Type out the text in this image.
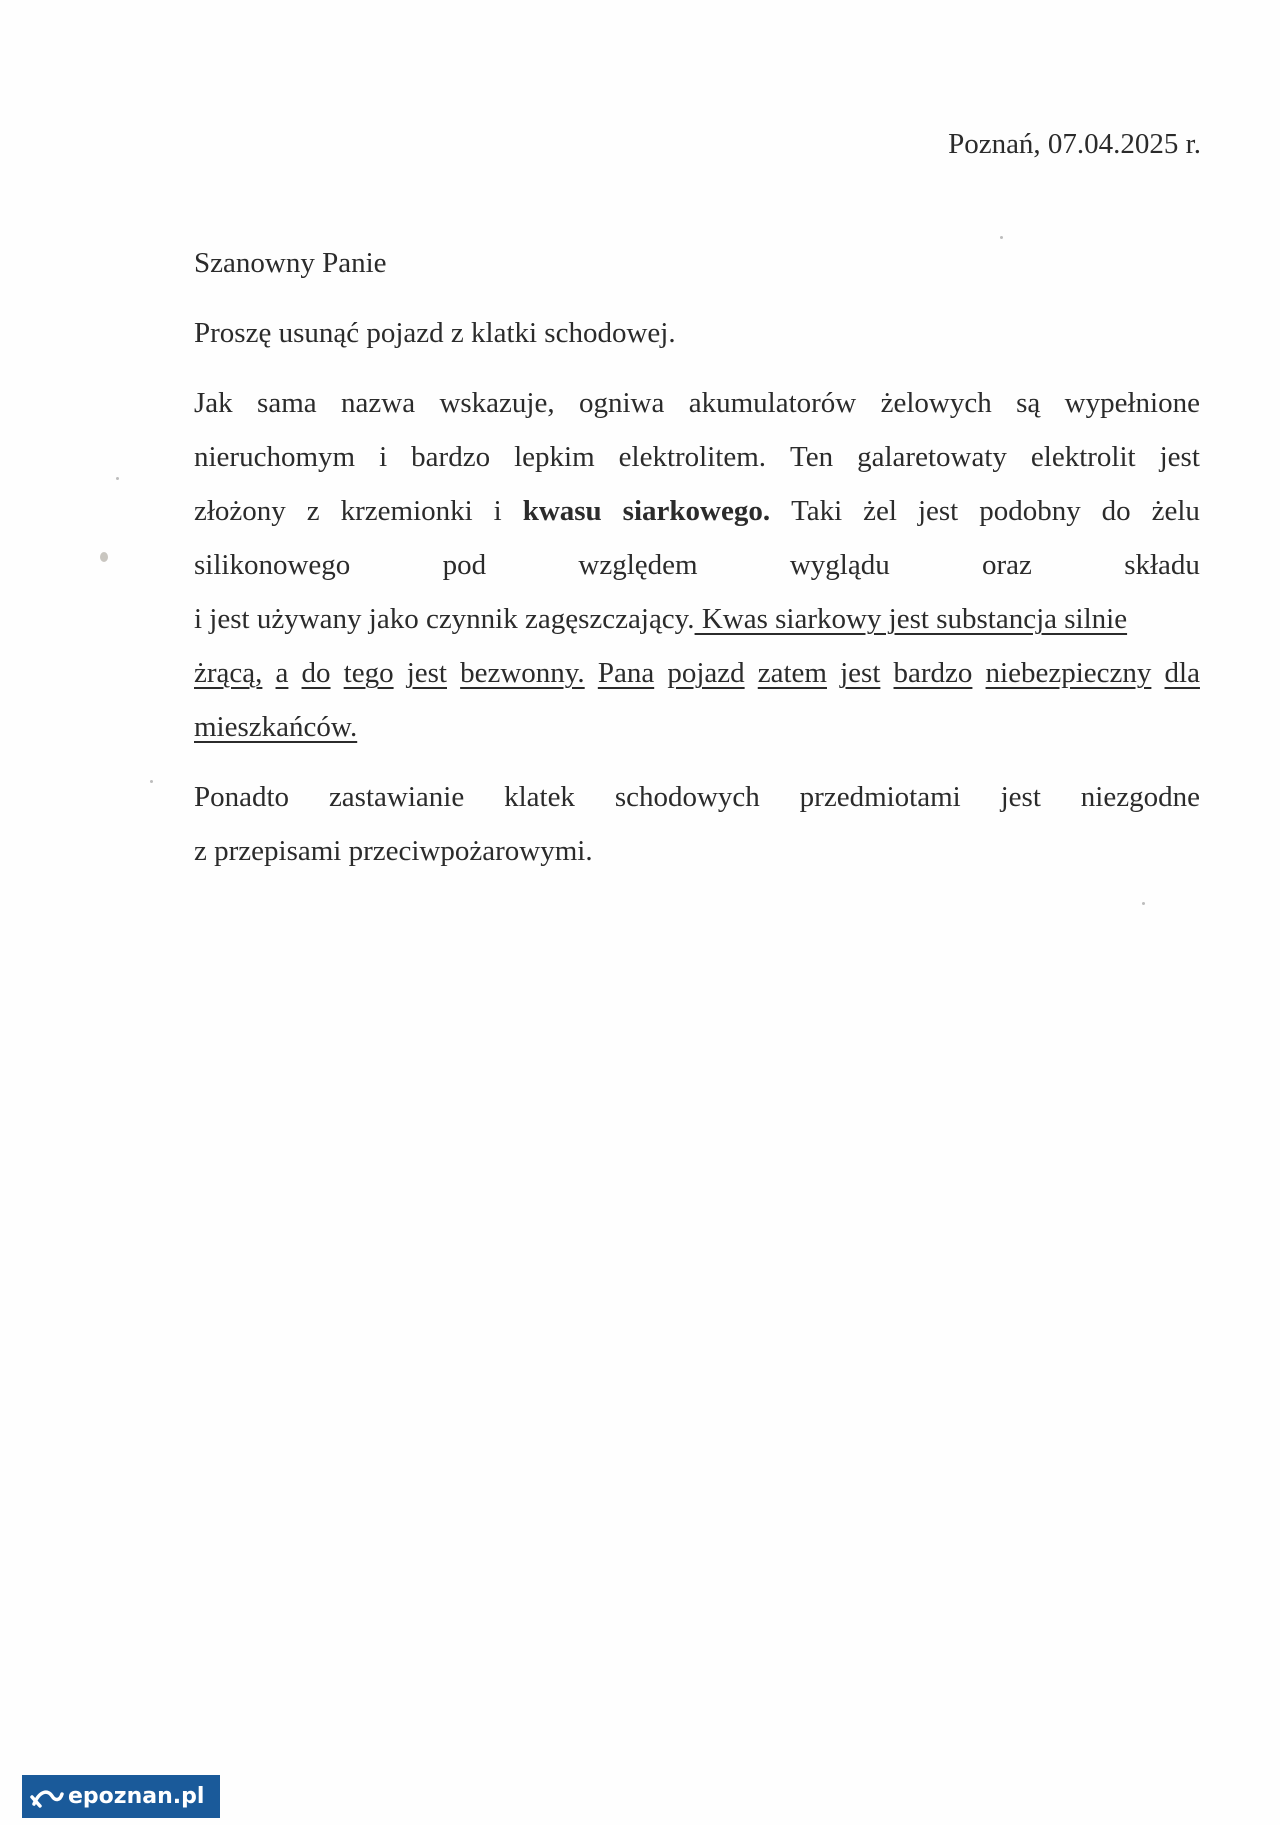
Poznań, 07.04.2025 r.
Szanowny Panie
Proszę usunąć pojazd z klatki schodowej.
Jak sama nazwa wskazuje, ogniwa akumulatorów żelowych są wypełnione
nieruchomym i bardzo lepkim elektrolitem. Ten galaretowaty elektrolit jest
złożony z krzemionki i kwasu siarkowego. Taki żel jest podobny do żelu
silikonowego	pod	względem	wyglądu	oraz	składu
i jest używany jako czynnik zagęszczający. Kwas siarkowy jest substancja silnie
żrącą, a do tego jest bezwonny. Pana pojazd zatem jest bardzo niebezpieczny dla
mieszkańców.
Ponadto zastawianie klatek schodowych przedmiotami jest niezgodne
z przepisami przeciwpożarowymi.
epoznan.pl
